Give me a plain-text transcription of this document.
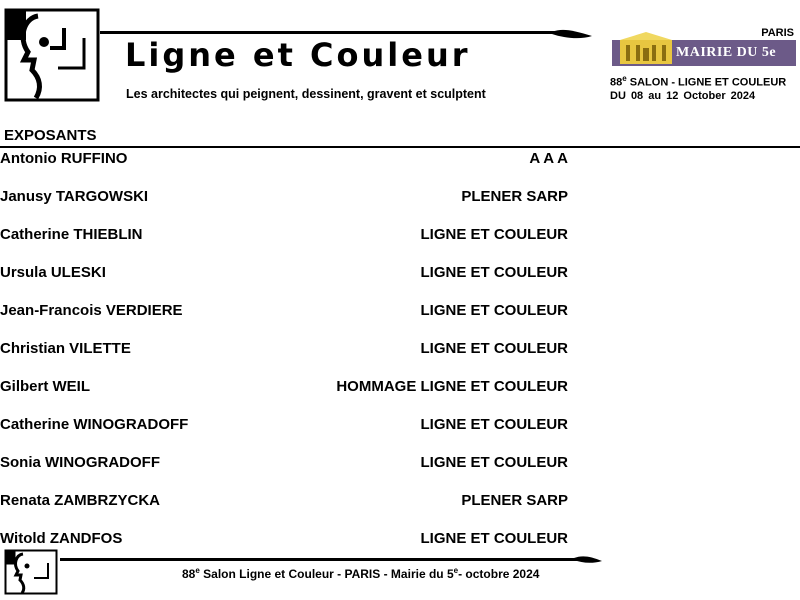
Ligne et Couleur
Les architectes qui peignent, dessinent, gravent et sculptent
PARIS
MAIRIE DU 5e
88e SALON - LIGNE ET COULEUR
DU 08 au 12 October 2024
EXPOSANTS
Antonio RUFFINO	A A A
Janusy TARGOWSKI	PLENER SARP
Catherine THIEBLIN	LIGNE ET COULEUR
Ursula ULESKI	LIGNE ET COULEUR
Jean-Francois VERDIERE	LIGNE ET COULEUR
Christian VILETTE	LIGNE ET COULEUR
Gilbert WEIL	HOMMAGE LIGNE ET COULEUR
Catherine WINOGRADOFF	LIGNE ET COULEUR
Sonia WINOGRADOFF	LIGNE ET COULEUR
Renata ZAMBRZYCKA	PLENER SARP
Witold ZANDFOS	LIGNE ET COULEUR
88e Salon Ligne et Couleur - PARIS - Mairie du 5e- octobre 2024
